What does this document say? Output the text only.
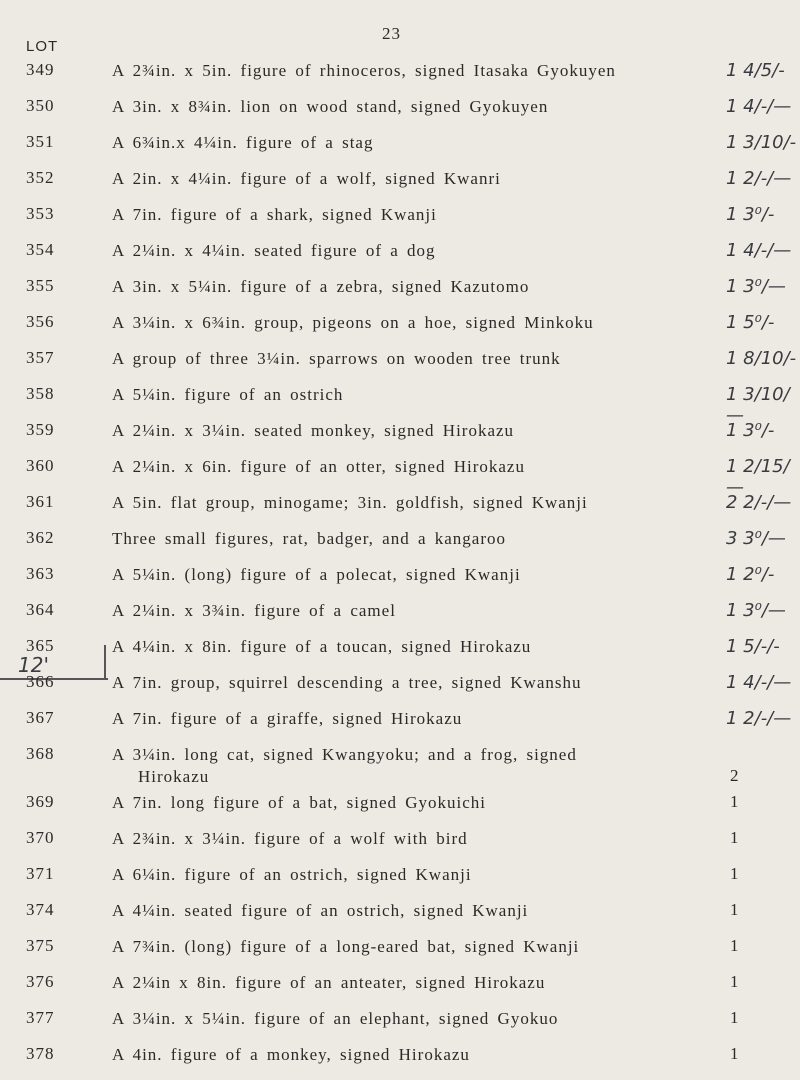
23
LOT
12'
349	A 2¾in. x 5in. figure of rhinoceros, signed Itasaka Gyokuyen	1 4/5/-
350	A 3in. x 8¾in. lion on wood stand, signed Gyokuyen	1 4/-/—
351	A 6¾in.x 4¼in. figure of a stag	1 3/10/-
352	A 2in. x 4¼in. figure of a wolf, signed Kwanri	1 2/-/—
353	A 7in. figure of a shark, signed Kwanji	1 3⁰/-
354	A 2¼in. x 4¼in. seated figure of a dog	1 4/-/—
355	A 3in. x 5¼in. figure of a zebra, signed Kazutomo	1 3⁰/—
356	A 3¼in. x 6¾in. group, pigeons on a hoe, signed Minkoku	1 5⁰/-
357	A group of three 3¼in. sparrows on wooden tree trunk	1 8/10/-
358	A 5¼in. figure of an ostrich	1 3/10/—
359	A 2¼in. x 3¼in. seated monkey, signed Hirokazu	1 3⁰/-
360	A 2¼in. x 6in. figure of an otter, signed Hirokazu	1 2/15/—
361	A 5in. flat group, minogame; 3in. goldfish, signed Kwanji	2 2/-/—
362	Three small figures, rat, badger, and a kangaroo	3 3⁰/—
363	A 5¼in. (long) figure of a polecat, signed Kwanji	1 2⁰/-
364	A 2¼in. x 3¾in. figure of a camel	1 3⁰/—
365	A 4¼in. x 8in. figure of a toucan, signed Hirokazu	1 5/-/-
366	A 7in. group, squirrel descending a tree, signed Kwanshu	1 4/-/—
367	A 7in. figure of a giraffe, signed Hirokazu	1 2/-/—
368	A 3¼in. long cat, signed Kwangyoku; and a frog, signed
Hirokazu	2
369	A 7in. long figure of a bat, signed Gyokuichi	1
370	A 2¾in. x 3¼in. figure of a wolf with bird	1
371	A 6¼in. figure of an ostrich, signed Kwanji	1
374	A 4¼in. seated figure of an ostrich, signed Kwanji	1
375	A 7¾in. (long) figure of a long-eared bat, signed Kwanji	1
376	A 2¼in x 8in. figure of an anteater, signed Hirokazu	1
377	A 3¼in. x 5¼in. figure of an elephant, signed Gyokuo	1
378	A 4in. figure of a monkey, signed Hirokazu	1
